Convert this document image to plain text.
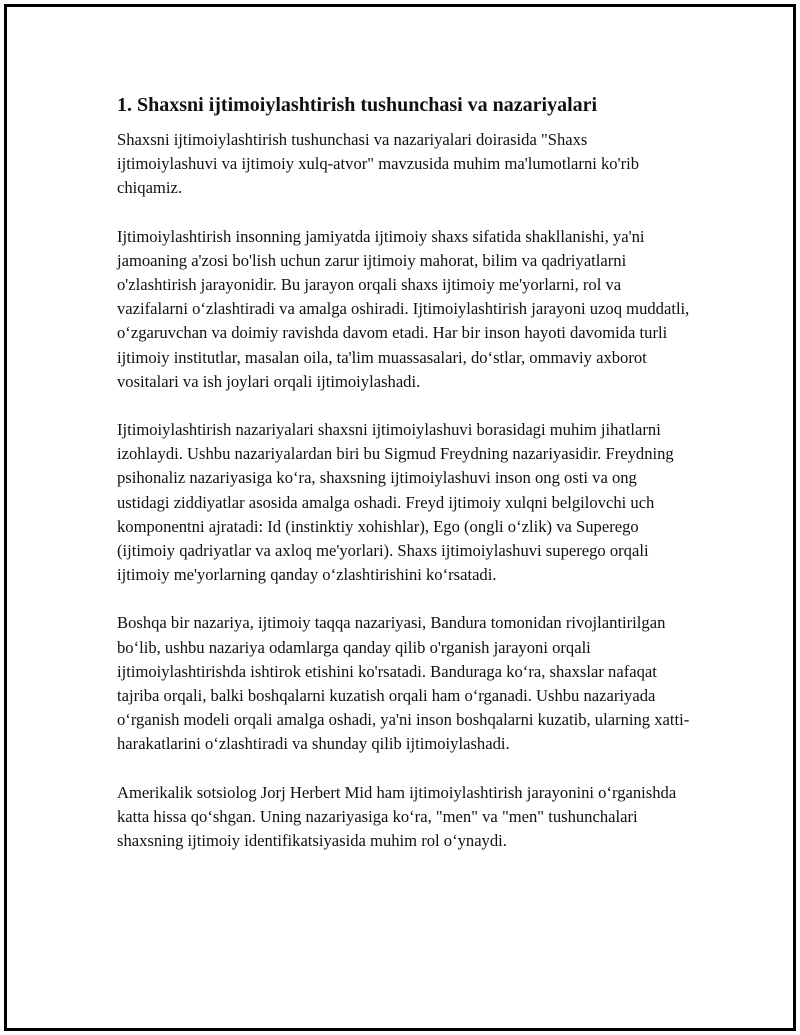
1. Shaxsni ijtimoiylashtirish tushunchasi va nazariyalari

Shaxsni ijtimoiylashtirish tushunchasi va nazariyalari doirasida "Shaxs ijtimoiylashuvi va ijtimoiy xulq-atvor" mavzusida muhim ma'lumotlarni ko'rib chiqamiz.

Ijtimoiylashtirish insonning jamiyatda ijtimoiy shaxs sifatida shakllanishi, ya'ni jamoaning a'zosi bo'lish uchun zarur ijtimoiy mahorat, bilim va qadriyatlarni o'zlashtirish jarayonidir. Bu jarayon orqali shaxs ijtimoiy me'yorlarni, rol va vazifalarni o‘zlashtiradi va amalga oshiradi. Ijtimoiylashtirish jarayoni uzoq muddatli, o‘zgaruvchan va doimiy ravishda davom etadi. Har bir inson hayoti davomida turli ijtimoiy institutlar, masalan oila, ta'lim muassasalari, do‘stlar, ommaviy axborot vositalari va ish joylari orqali ijtimoiylashadi.

Ijtimoiylashtirish nazariyalari shaxsni ijtimoiylashuvi borasidagi muhim jihatlarni izohlaydi. Ushbu nazariyalardan biri bu Sigmud Freydning nazariyasidir. Freydning psihonaliz nazariyasiga ko‘ra, shaxsning ijtimoiylashuvi inson ong osti va ong ustidagi ziddiyatlar asosida amalga oshadi. Freyd ijtimoiy xulqni belgilovchi uch komponentni ajratadi: Id (instinktiy xohishlar), Ego (ongli o‘zlik) va Superego (ijtimoiy qadriyatlar va axloq me'yorlari). Shaxs ijtimoiylashuvi superego orqali ijtimoiy me'yorlarning qanday o‘zlashtirishini ko‘rsatadi.

Boshqa bir nazariya, ijtimoiy taqqa nazariyasi, Bandura tomonidan rivojlantirilgan bo‘lib, ushbu nazariya odamlarga qanday qilib o'rganish jarayoni orqali ijtimoiylashtirishda ishtirok etishini ko'rsatadi. Banduraga ko‘ra, shaxslar nafaqat tajriba orqali, balki boshqalarni kuzatish orqali ham o‘rganadi. Ushbu nazariyada o‘rganish modeli orqali amalga oshadi, ya'ni inson boshqalarni kuzatib, ularning xatti-harakatlarini o‘zlashtiradi va shunday qilib ijtimoiylashadi.

Amerikalik sotsiolog Jorj Herbert Mid ham ijtimoiylashtirish jarayonini o‘rganishda katta hissa qo‘shgan. Uning nazariyasiga ko‘ra, "men" va "men" tushunchalari shaxsning ijtimoiy identifikatsiyasida muhim rol o‘ynaydi.
